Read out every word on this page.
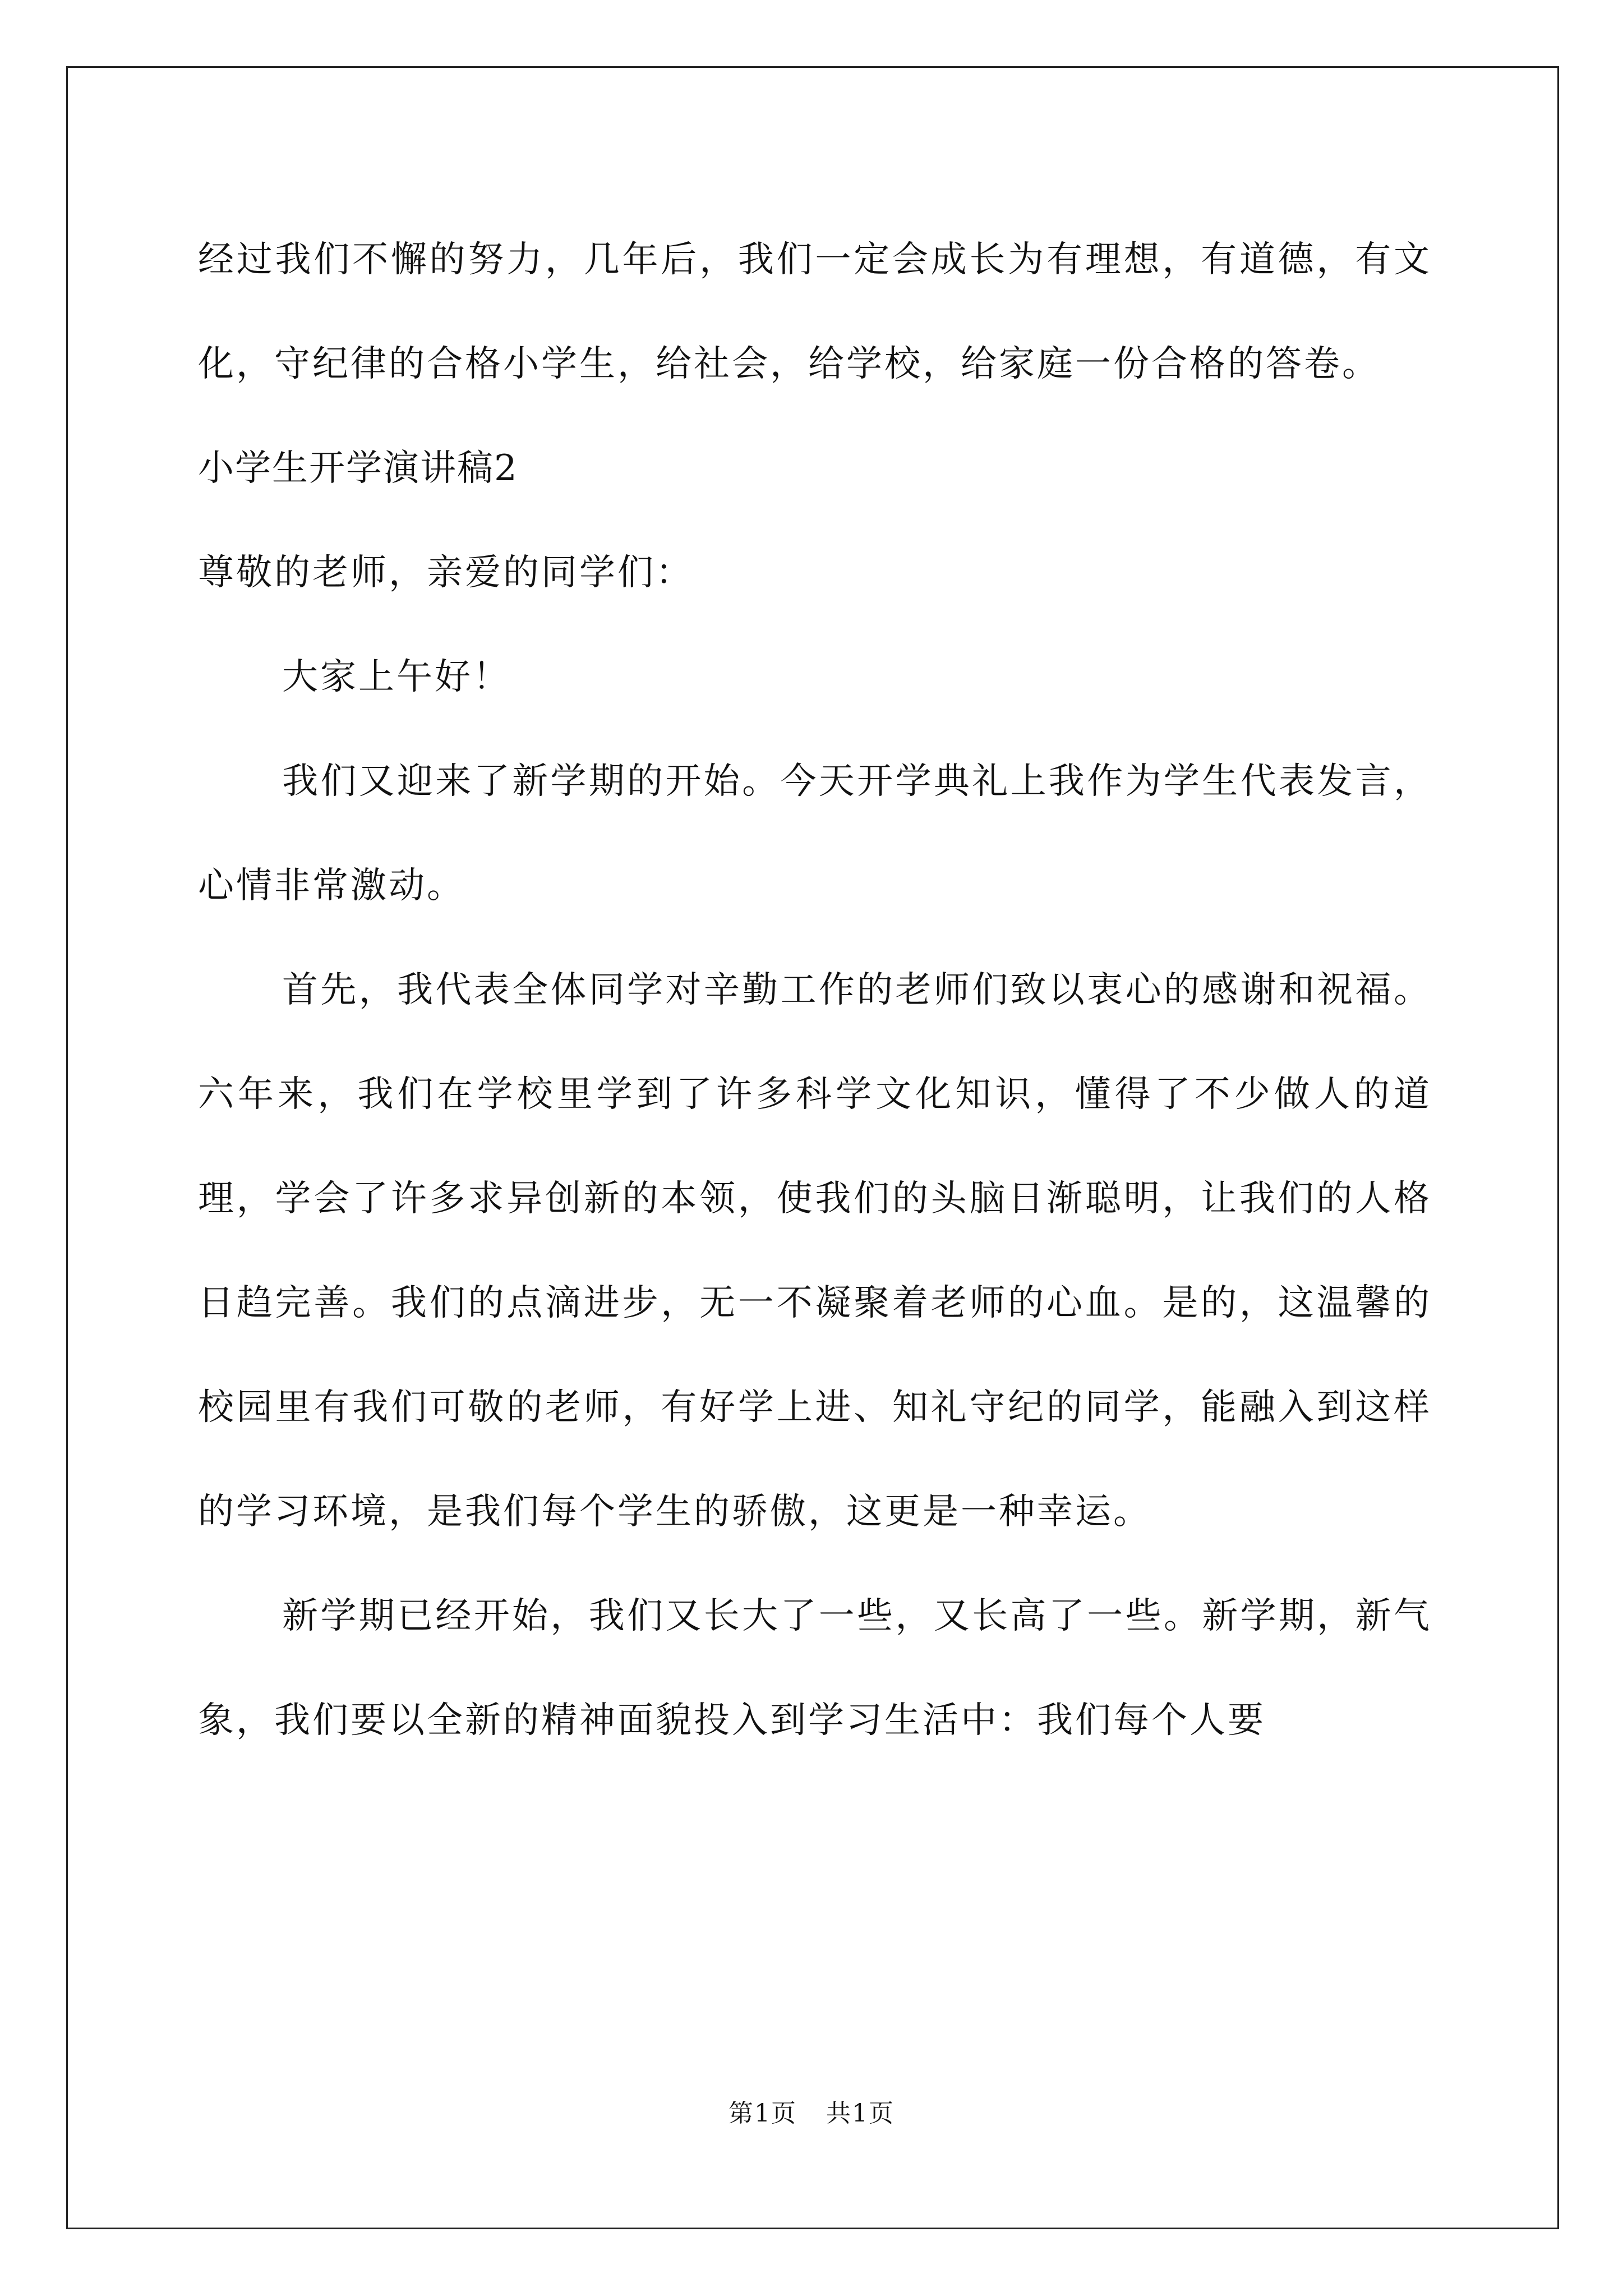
经过我们不懈的努力，几年后，我们一定会成长为有理想，有道德，有文化，守纪律的合格小学生，给社会，给学校，给家庭一份合格的答卷。

小学生开学演讲稿2

尊敬的老师，亲爱的同学们：

大家上午好！

我们又迎来了新学期的开始。今天开学典礼上我作为学生代表发言，心情非常激动。

首先，我代表全体同学对辛勤工作的老师们致以衷心的感谢和祝福。六年来，我们在学校里学到了许多科学文化知识，懂得了不少做人的道理，学会了许多求异创新的本领，使我们的头脑日渐聪明，让我们的人格日趋完善。我们的点滴进步，无一不凝聚着老师的心血。是的，这温馨的校园里有我们可敬的老师，有好学上进、知礼守纪的同学，能融入到这样的学习环境，是我们每个学生的骄傲，这更是一种幸运。

新学期已经开始，我们又长大了一些，又长高了一些。新学期，新气象，我们要以全新的精神面貌投入到学习生活中：我们每个人要

第1页 共1页
